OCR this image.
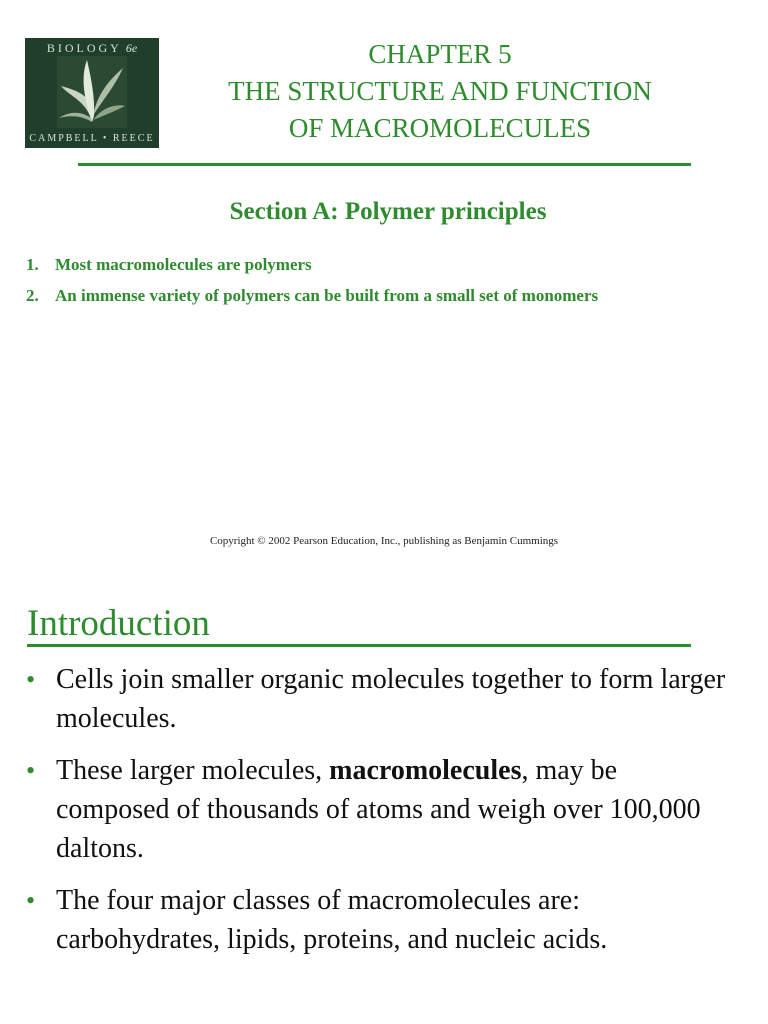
BIOLOGY 6e
CAMPBELL • REECE
CHAPTER 5
THE STRUCTURE AND FUNCTION
OF MACROMOLECULES
Section A: Polymer principles
1. Most macromolecules are polymers
2. An immense variety of polymers can be built from a small set of monomers
Copyright © 2002 Pearson Education, Inc., publishing as Benjamin Cummings
Introduction
• Cells join smaller organic molecules together to form larger molecules.
• These larger molecules, macromolecules, may be composed of thousands of atoms and weigh over 100,000 daltons.
• The four major classes of macromolecules are: carbohydrates, lipids, proteins, and nucleic acids.
